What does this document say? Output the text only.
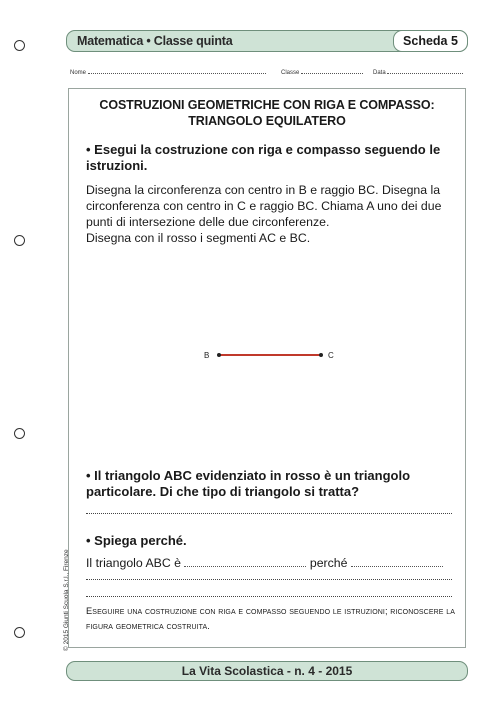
Matematica • Classe quinta	Scheda 5
Nome	Classe	Data
COSTRUZIONI GEOMETRICHE CON RIGA E COMPASSO:
TRIANGOLO EQUILATERO
• Esegui la costruzione con riga e compasso seguendo le istruzioni.
Disegna la circonferenza con centro in B e raggio BC. Disegna la circonferenza con centro in C e raggio BC. Chiama A uno dei due punti di intersezione delle due circonferenze.
Disegna con il rosso i segmenti AC e BC.
B	C
• Il triangolo ABC evidenziato in rosso è un triangolo particolare. Di che tipo di triangolo si tratta?
• Spiega perché.
Il triangolo ABC è	perché
Eseguire una costruzione con riga e compasso seguendo le istruzioni; riconoscere la figura geometrica costruita.
© 2015 Giunti Scuola S.r.l., Firenze
La Vita Scolastica - n. 4 - 2015
